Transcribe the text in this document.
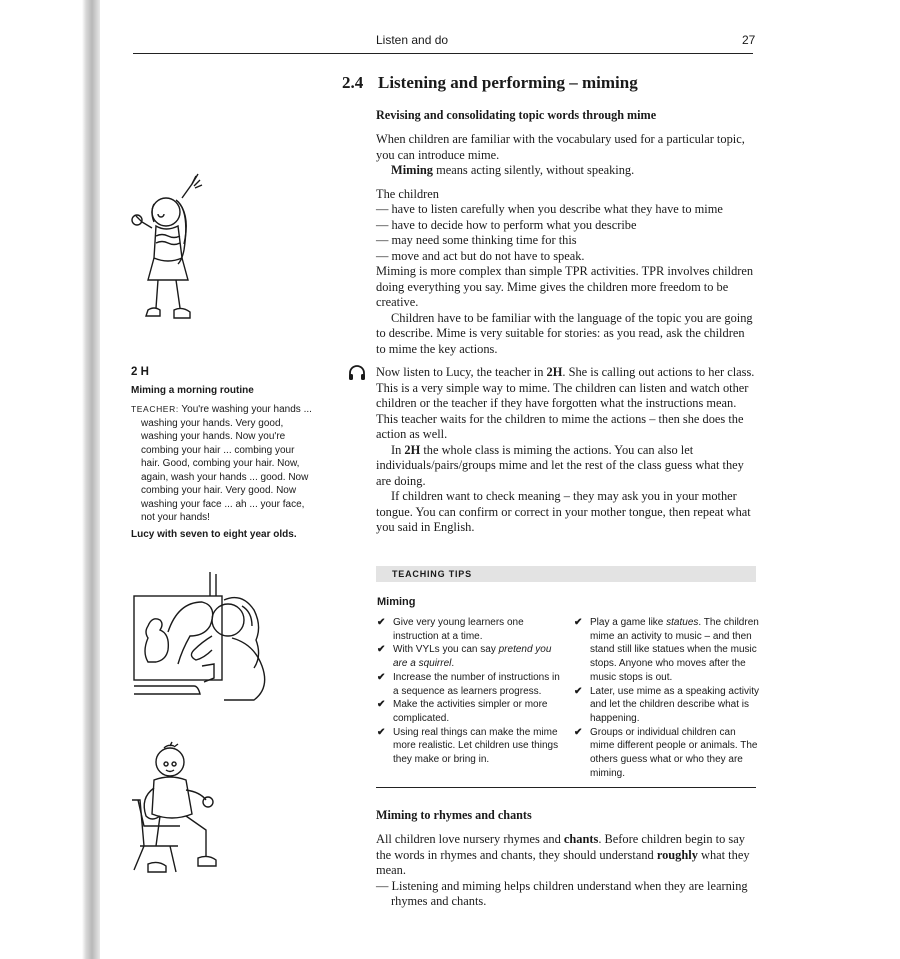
Listen and do	27
2.4 Listening and performing – miming
Revising and consolidating topic words through mime

When children are familiar with the vocabulary used for a particular topic, you can introduce mime.

Miming means acting silently, without speaking.

The children

— have to listen carefully when you describe what they have to mime

— have to decide how to perform what you describe

— may need some thinking time for this

— move and act but do not have to speak.

Miming is more complex than simple TPR activities. TPR involves children doing everything you say. Mime gives the children more freedom to be creative.

Children have to be familiar with the language of the topic you are going to describe. Mime is very suitable for stories: as you read, ask the children to mime the key actions.

Now listen to Lucy, the teacher in 2H. She is calling out actions to her class. This is a very simple way to mime. The children can listen and watch other children or the teacher if they have forgotten what the instructions mean. This teacher waits for the children to mime the actions – then she does the action as well.

In 2H the whole class is miming the actions. You can also let individuals/pairs/groups mime and let the rest of the class guess what they are doing.

If children want to check meaning – they may ask you in your mother tongue. You can confirm or correct in your mother tongue, then repeat what you said in English.

2 H
Miming a morning routine
TEACHER: You're washing your hands ...
washing your hands. Very good,
washing your hands. Now you're
combing your hair ... combing your
hair. Good, combing your hair. Now,
again, wash your hands ... good. Now
combing your hair. Very good. Now
washing your face ... ah ... your face,
not your hands!
Lucy with seven to eight year olds.
TEACHING TIPS
Miming

✔ Give very young learners one instruction at a time.

✔ With VYLs you can say pretend you are a squirrel.

✔ Increase the number of instructions in a sequence as learners progress.

✔ Make the activities simpler or more complicated.

✔ Using real things can make the mime more realistic. Let children use things they make or bring in.

✔ Play a game like statues. The children mime an activity to music – and then stand still like statues when the music stops. Anyone who moves after the music stops is out.

✔ Later, use mime as a speaking activity and let the children describe what is happening.

✔ Groups or individual children can mime different people or animals. The others guess what or who they are miming.

Miming to rhymes and chants

All children love nursery rhymes and chants. Before children begin to say the words in rhymes and chants, they should understand roughly what they mean.

— Listening and miming helps children understand when they are learning rhymes and chants.
